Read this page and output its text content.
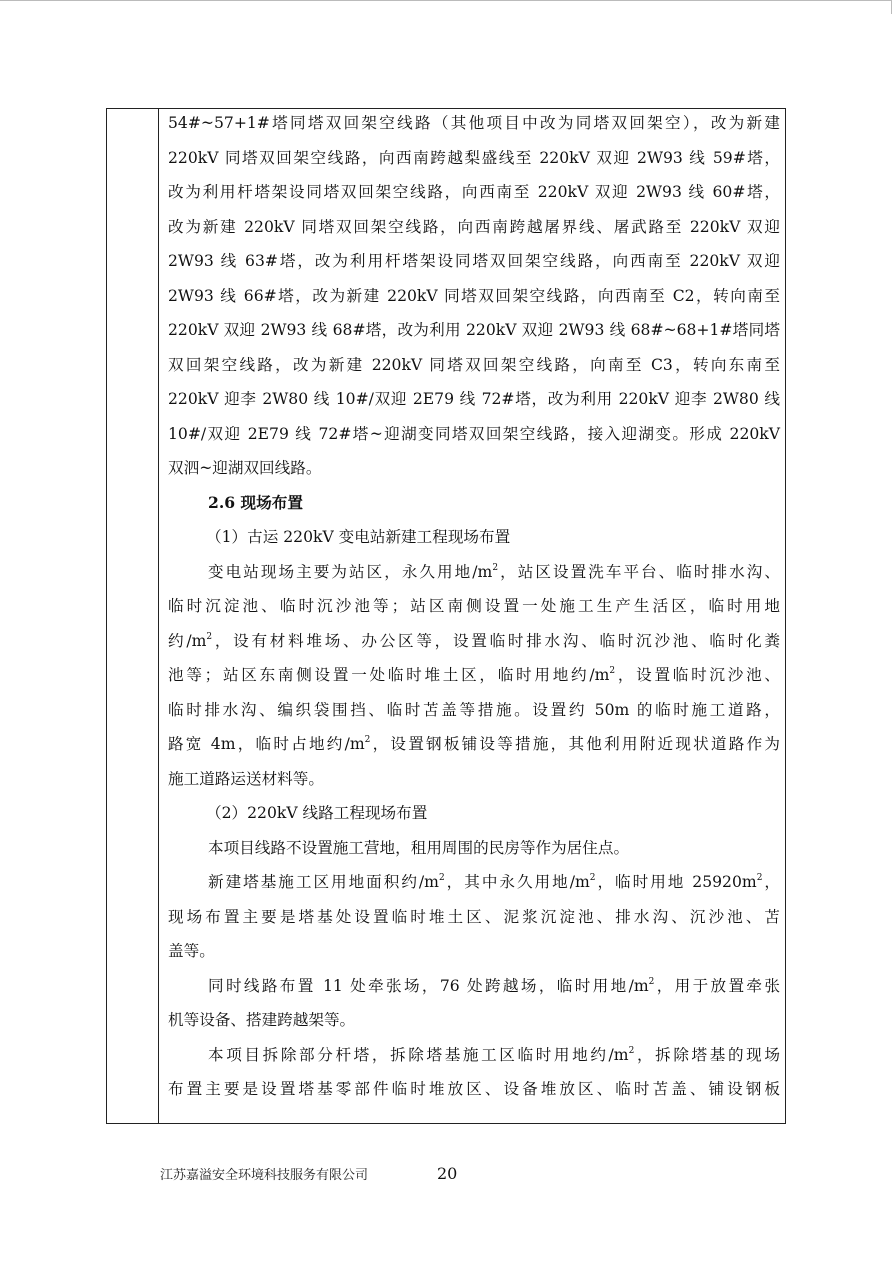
54#~57+1#塔同塔双回架空线路（其他项目中改为同塔双回架空），改为新建
220kV 同塔双回架空线路，向西南跨越梨盛线至 220kV 双迎 2W93 线 59#塔，
改为利用杆塔架设同塔双回架空线路，向西南至 220kV 双迎 2W93 线 60#塔，
改为新建 220kV 同塔双回架空线路，向西南跨越屠界线、屠武路至 220kV 双迎
2W93 线 63#塔，改为利用杆塔架设同塔双回架空线路，向西南至 220kV 双迎
2W93 线 66#塔，改为新建 220kV 同塔双回架空线路，向西南至 C2，转向南至
220kV 双迎 2W93 线 68#塔，改为利用 220kV 双迎 2W93 线 68#~68+1#塔同塔
双回架空线路，改为新建 220kV 同塔双回架空线路，向南至 C3，转向东南至
220kV 迎李 2W80 线 10#/双迎 2E79 线 72#塔，改为利用 220kV 迎李 2W80 线
10#/双迎 2E79 线 72#塔~迎湖变同塔双回架空线路，接入迎湖变。形成 220kV
双泗~迎湖双回线路。
2.6 现场布置
（1）古运 220kV 变电站新建工程现场布置
变电站现场主要为站区，永久用地$/m^2$，站区设置洗车平台、临时排水沟、
临时沉淀池、临时沉沙池等；站区南侧设置一处施工生产生活区，临时用地
约$/m^2$，设有材料堆场、办公区等，设置临时排水沟、临时沉沙池、临时化粪
池等；站区东南侧设置一处临时堆土区，临时用地约$/m^2$，设置临时沉沙池、
临时排水沟、编织袋围挡、临时苫盖等措施。设置约 50m 的临时施工道路，
路宽 4m，临时占地约$/m^2$，设置钢板铺设等措施，其他利用附近现状道路作为
施工道路运送材料等。
（2）220kV 线路工程现场布置
本项目线路不设置施工营地，租用周围的民房等作为居住点。
新建塔基施工区用地面积约$/m^2$，其中永久用地$/m^2$，临时用地 $25920m^2$，
现场布置主要是塔基处设置临时堆土区、泥浆沉淀池、排水沟、沉沙池、苫
盖等。
同时线路布置 11 处牵张场，76 处跨越场，临时用地$/m^2$，用于放置牵张
机等设备、搭建跨越架等。
本项目拆除部分杆塔，拆除塔基施工区临时用地约$/m^2$，拆除塔基的现场
布置主要是设置塔基零部件临时堆放区、设备堆放区、临时苫盖、铺设钢板
江苏嘉溢安全环境科技服务有限公司	20
